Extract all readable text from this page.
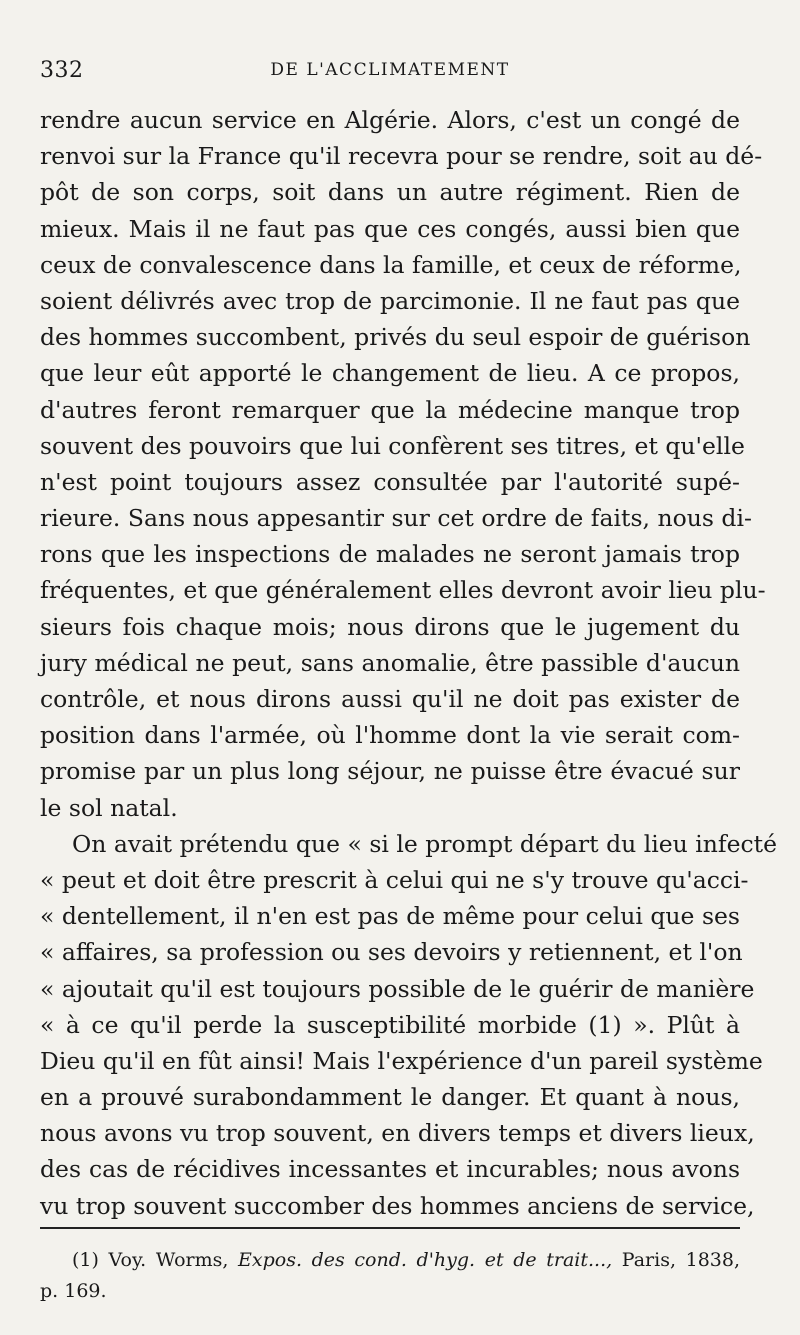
332	DE L'ACCLIMATEMENT
rendre aucun service en Algérie. Alors, c'est un congé de
renvoi sur la France qu'il recevra pour se rendre, soit au dé-
pôt de son corps, soit dans un autre régiment. Rien de
mieux. Mais il ne faut pas que ces congés, aussi bien que
ceux de convalescence dans la famille, et ceux de réforme,
soient délivrés avec trop de parcimonie. Il ne faut pas que
des hommes succombent, privés du seul espoir de guérison
que leur eût apporté le changement de lieu. A ce propos,
d'autres feront remarquer que la médecine manque trop
souvent des pouvoirs que lui confèrent ses titres, et qu'elle
n'est point toujours assez consultée par l'autorité supé-
rieure. Sans nous appesantir sur cet ordre de faits, nous di-
rons que les inspections de malades ne seront jamais trop
fréquentes, et que généralement elles devront avoir lieu plu-
sieurs fois chaque mois; nous dirons que le jugement du
jury médical ne peut, sans anomalie, être passible d'aucun
contrôle, et nous dirons aussi qu'il ne doit pas exister de
position dans l'armée, où l'homme dont la vie serait com-
promise par un plus long séjour, ne puisse être évacué sur
le sol natal.
On avait prétendu que « si le prompt départ du lieu infecté
« peut et doit être prescrit à celui qui ne s'y trouve qu'acci-
« dentellement, il n'en est pas de même pour celui que ses
« affaires, sa profession ou ses devoirs y retiennent, et l'on
« ajoutait qu'il est toujours possible de le guérir de manière
« à ce qu'il perde la susceptibilité morbide (1) ». Plût à
Dieu qu'il en fût ainsi! Mais l'expérience d'un pareil système
en a prouvé surabondamment le danger. Et quant à nous,
nous avons vu trop souvent, en divers temps et divers lieux,
des cas de récidives incessantes et incurables; nous avons
vu trop souvent succomber des hommes anciens de service,
(1) Voy. Worms, Expos. des cond. d'hyg. et de trait..., Paris, 1838,
p. 169.
